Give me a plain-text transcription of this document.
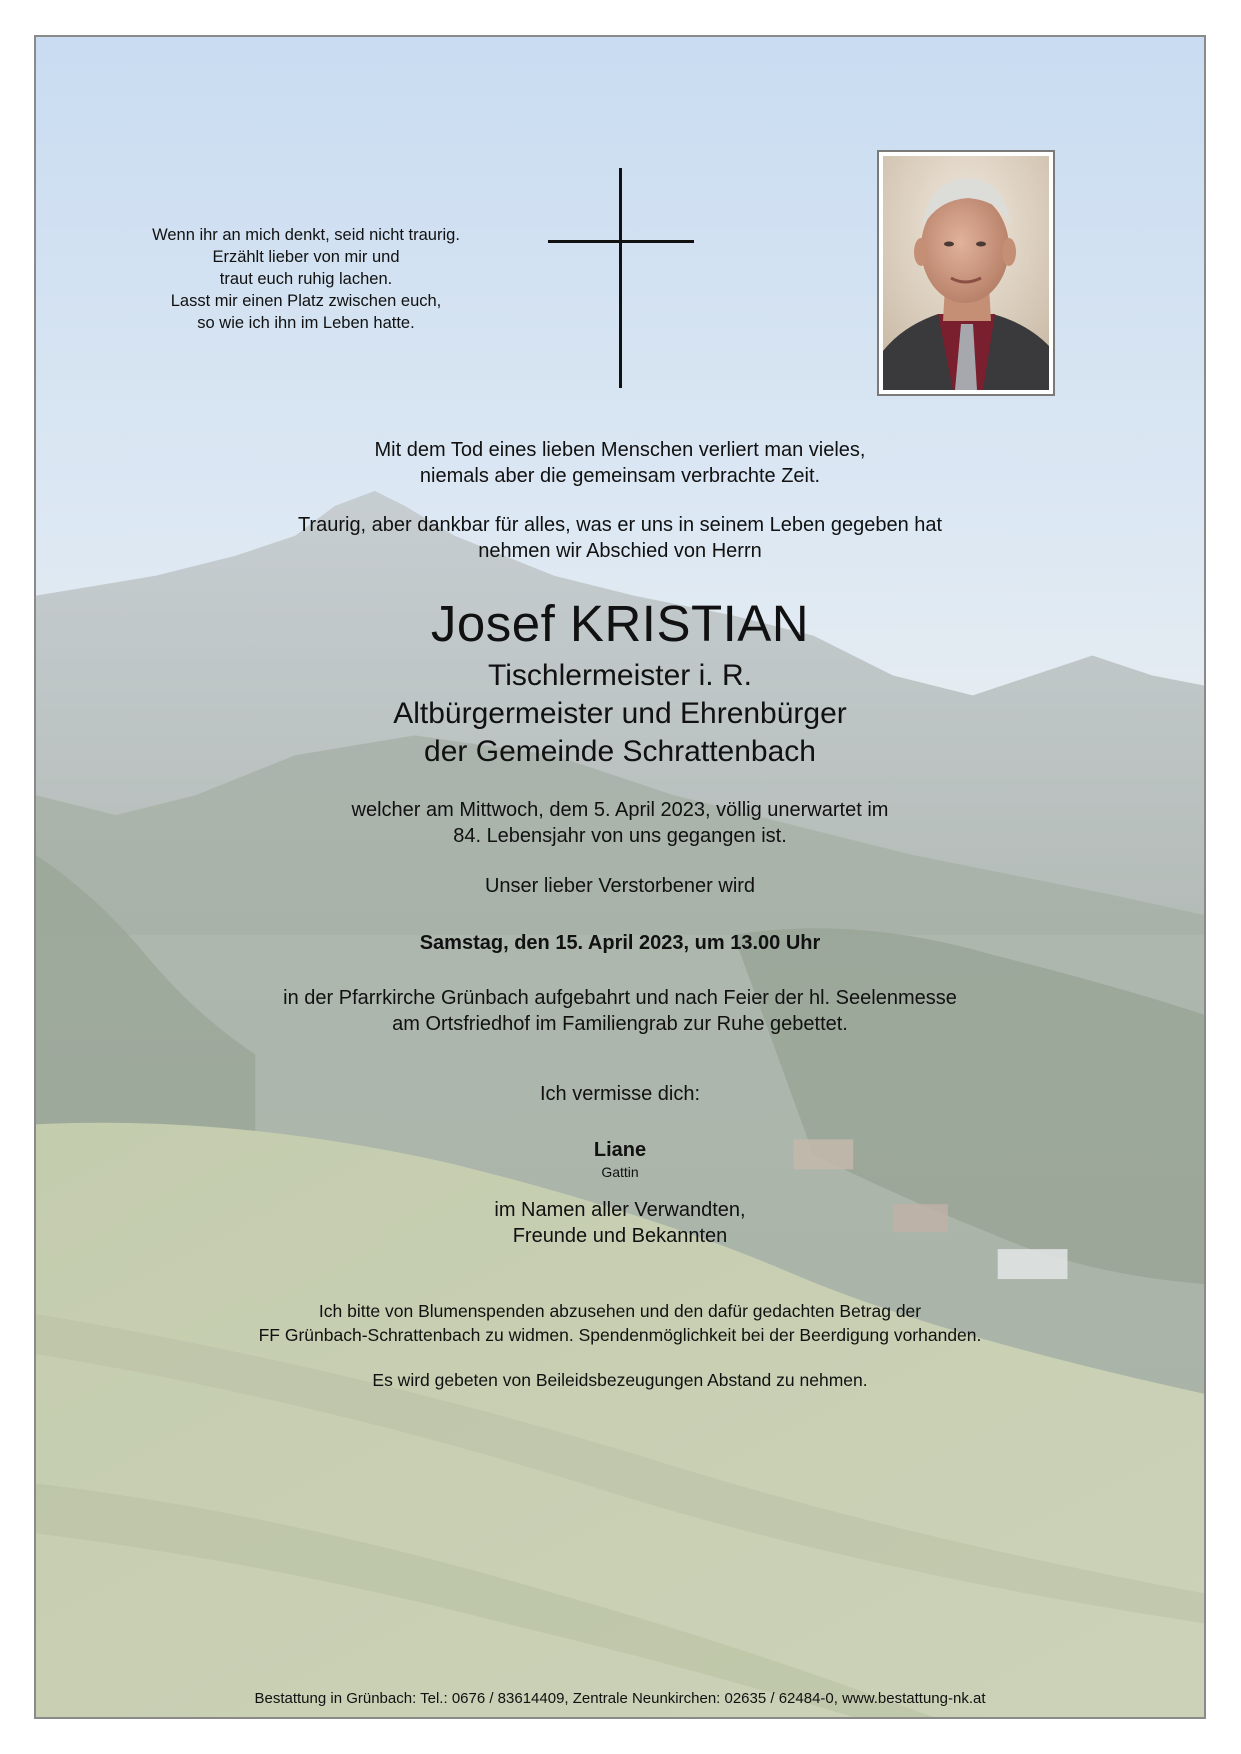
Wenn ihr an mich denkt, seid nicht traurig.
Erzählt lieber von mir und
traut euch ruhig lachen.
Lasst mir einen Platz zwischen euch,
so wie ich ihn im Leben hatte.
Mit dem Tod eines lieben Menschen verliert man vieles,
niemals aber die gemeinsam verbrachte Zeit.
Traurig, aber dankbar für alles, was er uns in seinem Leben gegeben hat
nehmen wir Abschied von Herrn
Josef KRISTIAN
Tischlermeister i. R.
Altbürgermeister und Ehrenbürger
der Gemeinde Schrattenbach
welcher am Mittwoch, dem 5. April 2023, völlig unerwartet im
84. Lebensjahr von uns gegangen ist.
Unser lieber Verstorbener wird
Samstag, den 15. April 2023, um 13.00 Uhr
in der Pfarrkirche Grünbach aufgebahrt und nach Feier der hl. Seelenmesse
am Ortsfriedhof im Familiengrab zur Ruhe gebettet.
Ich vermisse dich:
Liane
Gattin
im Namen aller Verwandten,
Freunde und Bekannten
Ich bitte von Blumenspenden abzusehen und den dafür gedachten Betrag der
FF Grünbach-Schrattenbach zu widmen. Spendenmöglichkeit bei der Beerdigung vorhanden.
Es wird gebeten von Beileidsbezeugungen Abstand zu nehmen.
Bestattung in Grünbach: Tel.: 0676 / 83614409, Zentrale Neunkirchen: 02635 / 62484-0, www.bestattung-nk.at
